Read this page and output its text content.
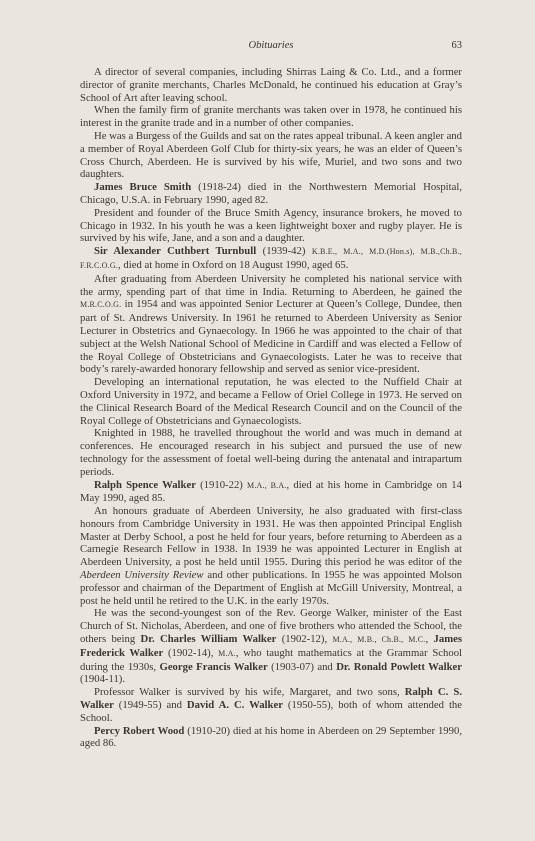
Obituaries	63

A director of several companies, including Shirras Laing & Co. Ltd., and a former director of granite merchants, Charles McDonald, he continued his education at Gray’s School of Art after leaving school.

When the family firm of granite merchants was taken over in 1978, he continued his interest in the granite trade and in a number of other companies.

He was a Burgess of the Guilds and sat on the rates appeal tribunal. A keen angler and a member of Royal Aberdeen Golf Club for thirty-six years, he was an elder of Queen’s Cross Church, Aberdeen. He is survived by his wife, Muriel, and two sons and two daughters.

James Bruce Smith (1918-24) died in the Northwestern Memorial Hospital, Chicago, U.S.A. in February 1990, aged 82.

President and founder of the Bruce Smith Agency, insurance brokers, he moved to Chicago in 1932. In his youth he was a keen lightweight boxer and rugby player. He is survived by his wife, Jane, and a son and a daughter.

Sir Alexander Cuthbert Turnbull (1939-42) K.B.E., M.A., M.D.(Hon.s), M.B.,Ch.B., F.R.C.O.G., died at home in Oxford on 18 August 1990, aged 65.

After graduating from Aberdeen University he completed his national service with the army, spending part of that time in India. Returning to Aberdeen, he gained the M.R.C.O.G. in 1954 and was appointed Senior Lecturer at Queen’s College, Dundee, then part of St. Andrews University. In 1961 he returned to Aberdeen University as Senior Lecturer in Obstetrics and Gynaecology. In 1966 he was appointed to the chair of that subject at the Welsh National School of Medicine in Cardiff and was elected a Fellow of the Royal College of Obstetricians and Gynaecologists. Later he was to receive that body’s rarely-awarded honorary fellowship and served as senior vice-president.

Developing an international reputation, he was elected to the Nuffield Chair at Oxford University in 1972, and became a Fellow of Oriel College in 1973. He served on the Clinical Research Board of the Medical Research Council and on the Council of the Royal College of Obstetricians and Gynaecologists.

Knighted in 1988, he travelled throughout the world and was much in demand at conferences. He encouraged research in his subject and pursued the use of new technology for the assessment of foetal well-being during the antenatal and intrapartum periods.

Ralph Spence Walker (1910-22) M.A., B.A., died at his home in Cambridge on 14 May 1990, aged 85.

An honours graduate of Aberdeen University, he also graduated with first-class honours from Cambridge University in 1931. He was then appointed Principal English Master at Derby School, a post he held for four years, before returning to Aberdeen as a Carnegie Research Fellow in 1938. In 1939 he was appointed Lecturer in English at Aberdeen University, a post he held until 1955. During this period he was editor of the Aberdeen University Review and other publications. In 1955 he was appointed Molson professor and chairman of the Department of English at McGill University, Montreal, a post he held until he retired to the U.K. in the early 1970s.

He was the second-youngest son of the Rev. George Walker, minister of the East Church of St. Nicholas, Aberdeen, and one of five brothers who attended the School, the others being Dr. Charles William Walker (1902-12), M.A., M.B., Ch.B., M.C., James Frederick Walker (1902-14), M.A., who taught mathematics at the Grammar School during the 1930s, George Francis Walker (1903-07) and Dr. Ronald Powlett Walker (1904-11).

Professor Walker is survived by his wife, Margaret, and two sons, Ralph C. S. Walker (1949-55) and David A. C. Walker (1950-55), both of whom attended the School.

Percy Robert Wood (1910-20) died at his home in Aberdeen on 29 September 1990, aged 86.
